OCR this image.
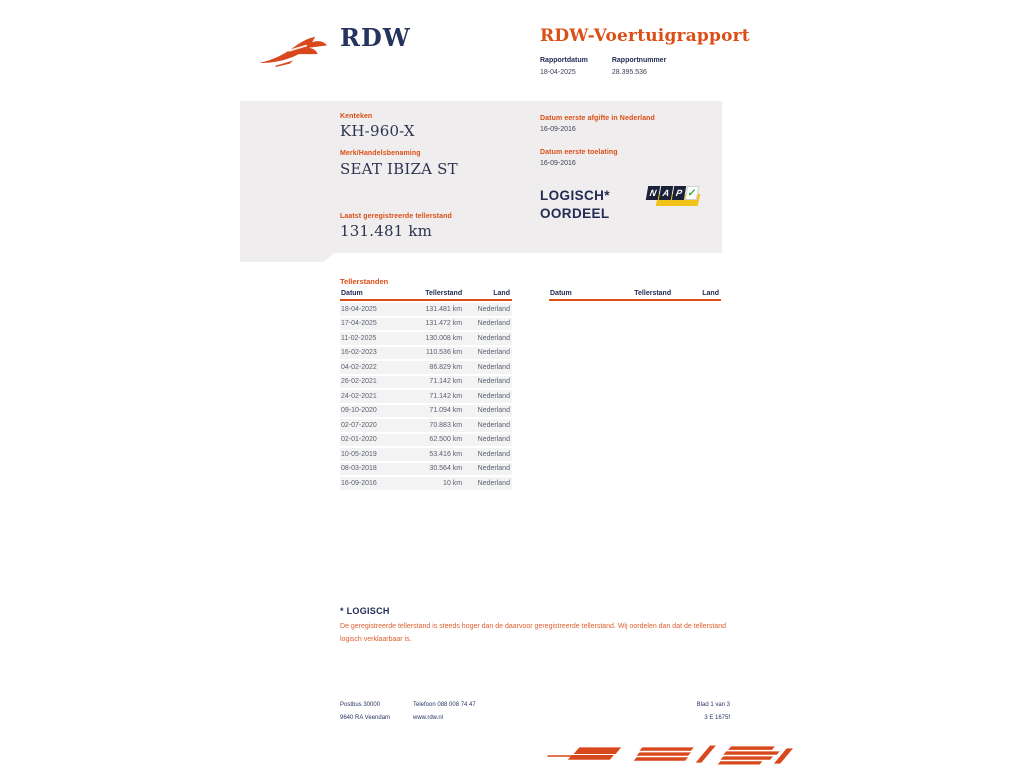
RDW	RDW-Voertuigrapport
Rapportdatum
18-04-2025
Rapportnummer
28.395.536
Kenteken
KH-960-X
Merk/Handelsbenaming
SEAT IBIZA ST
Laatst geregistreerde tellerstand
131.481 km
Datum eerste afgifte in Nederland
16-09-2016
Datum eerste toelating
16-09-2016
LOGISCH*
OORDEEL
N A P ✓
Tellerstanden
Datum	Tellerstand	Land
18-04-2025	131.481 km	Nederland
17-04-2025	131.472 km	Nederland
11-02-2025	130.008 km	Nederland
16-02-2023	110.536 km	Nederland
04-02-2022	86.829 km	Nederland
26-02-2021	71.142 km	Nederland
24-02-2021	71.142 km	Nederland
09-10-2020	71.094 km	Nederland
02-07-2020	70.883 km	Nederland
02-01-2020	62.500 km	Nederland
10-05-2019	53.416 km	Nederland
08-03-2018	30.564 km	Nederland
16-09-2016	10 km	Nederland
Datum	Tellerstand	Land
* LOGISCH
De geregistreerde tellerstand is steeds hoger dan de daarvoor geregistreerde tellerstand. Wij oordelen dan dat de tellerstand logisch verklaarbaar is.
Postbus 30000	Telefoon 088 008 74 47	Blad 1 van 3
9640 RA Veendam	www.rdw.nl	3 E 1675f
